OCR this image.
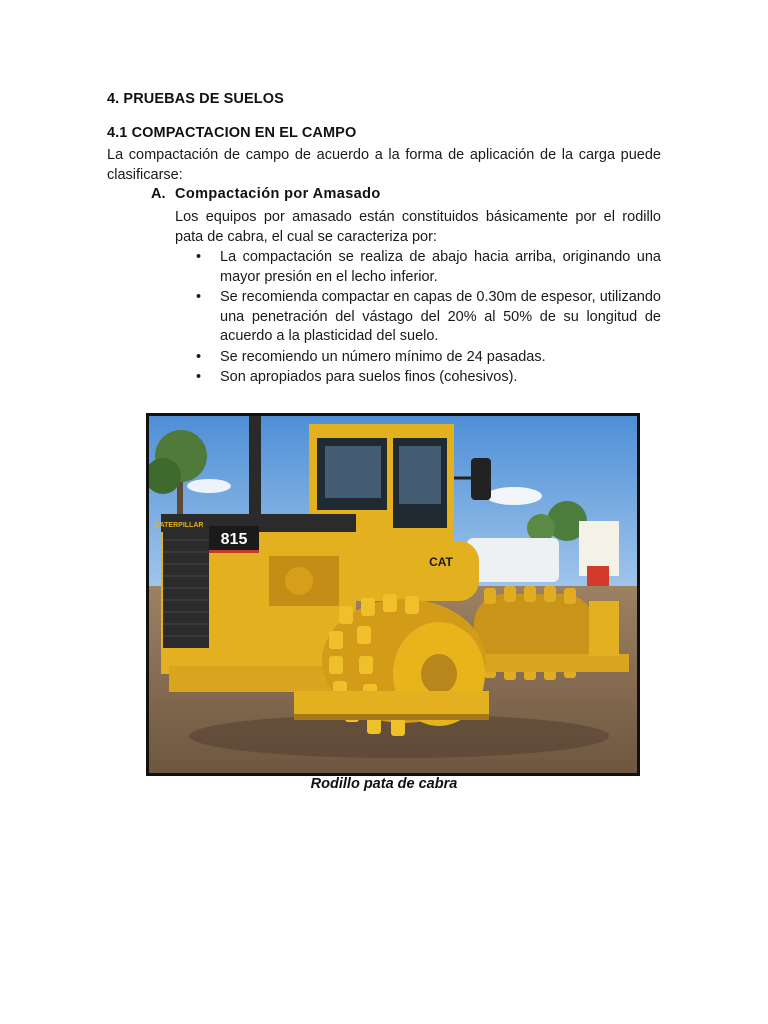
4. PRUEBAS DE SUELOS
4.1 COMPACTACION EN EL CAMPO
La compactación de campo de acuerdo a la forma de aplicación de la carga puede clasificarse:
A. Compactación por Amasado
Los equipos por amasado están constituidos básicamente por el rodillo pata de cabra, el cual se caracteriza por:
• La compactación se realiza de abajo hacia arriba, originando una mayor presión en el lecho inferior.
• Se recomienda compactar en capas de 0.30m de espesor, utilizando una penetración del vástago del 20% al 50% de su longitud de acuerdo a la plasticidad del suelo.
• Se recomiendo un número mínimo de 24 pasadas.
• Son apropiados para suelos finos (cohesivos).
815
CATERPILLAR
CAT
Rodillo pata de cabra
